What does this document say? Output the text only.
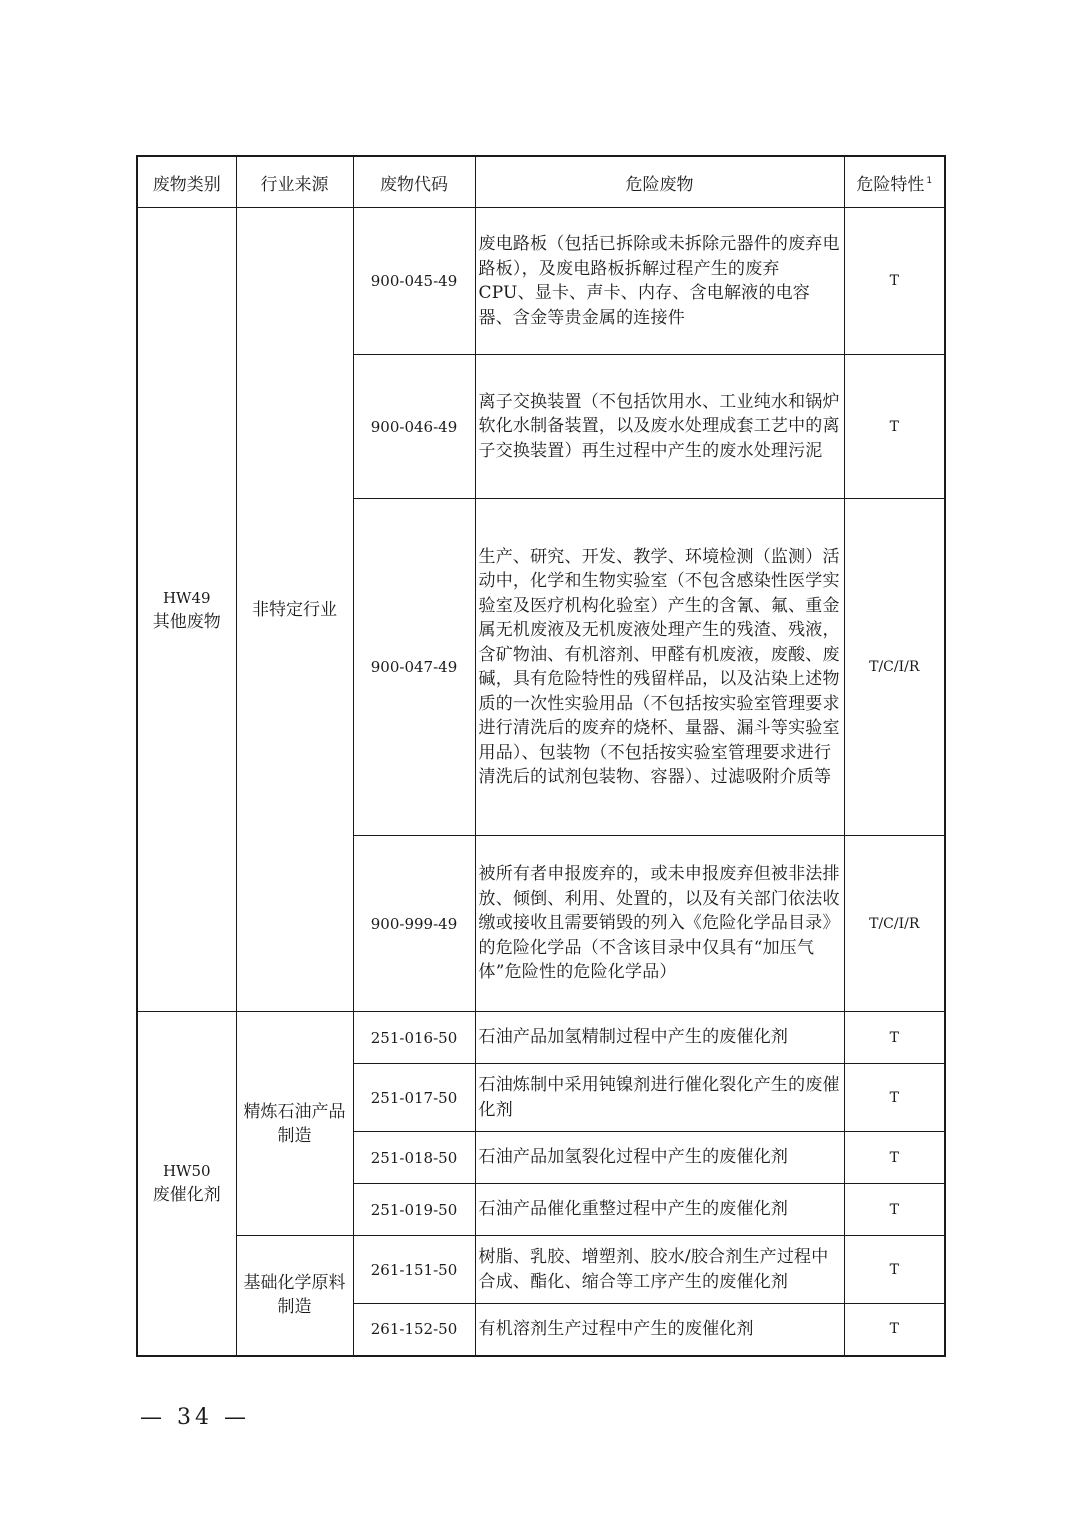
废物类别	行业来源	废物代码	危险废物	危险特性 $^1$

HW49
其他废物	非特定行业	900-045-49	废电路板（包括已拆除或未拆除元器件的废弃电路板），及废电路板拆解过程产生的废弃 CPU、显卡、声卡、内存、含电解液的电容器、含金等贵金属的连接件	T
		900-046-49	离子交换装置（不包括饮用水、工业纯水和锅炉软化水制备装置，以及废水处理成套工艺中的离子交换装置）再生过程中产生的废水处理污泥	T
		900-047-49	生产、研究、开发、教学、环境检测（监测）活动中，化学和生物实验室（不包含感染性医学实验室及医疗机构化验室）产生的含氰、氟、重金属无机废液及无机废液处理产生的残渣、残液，含矿物油、有机溶剂、甲醛有机废液，废酸、废碱，具有危险特性的残留样品，以及沾染上述物质的一次性实验用品（不包括按实验室管理要求进行清洗后的废弃的烧杯、量器、漏斗等实验室用品）、包装物（不包括按实验室管理要求进行清洗后的试剂包装物、容器）、过滤吸附介质等	T/C/I/R
		900-999-49	被所有者申报废弃的，或未申报废弃但被非法排放、倾倒、利用、处置的，以及有关部门依法收缴或接收且需要销毁的列入《危险化学品目录》的危险化学品（不含该目录中仅具有“加压气体”危险性的危险化学品）	T/C/I/R

HW50
废催化剂	精炼石油产品制造	251-016-50	石油产品加氢精制过程中产生的废催化剂	T
		251-017-50	石油炼制中采用钝镍剂进行催化裂化产生的废催化剂	T
		251-018-50	石油产品加氢裂化过程中产生的废催化剂	T
		251-019-50	石油产品催化重整过程中产生的废催化剂	T
	基础化学原料制造	261-151-50	树脂、乳胶、增塑剂、胶水/胶合剂生产过程中合成、酯化、缩合等工序产生的废催化剂	T
		261-152-50	有机溶剂生产过程中产生的废催化剂	T
— 34 —
